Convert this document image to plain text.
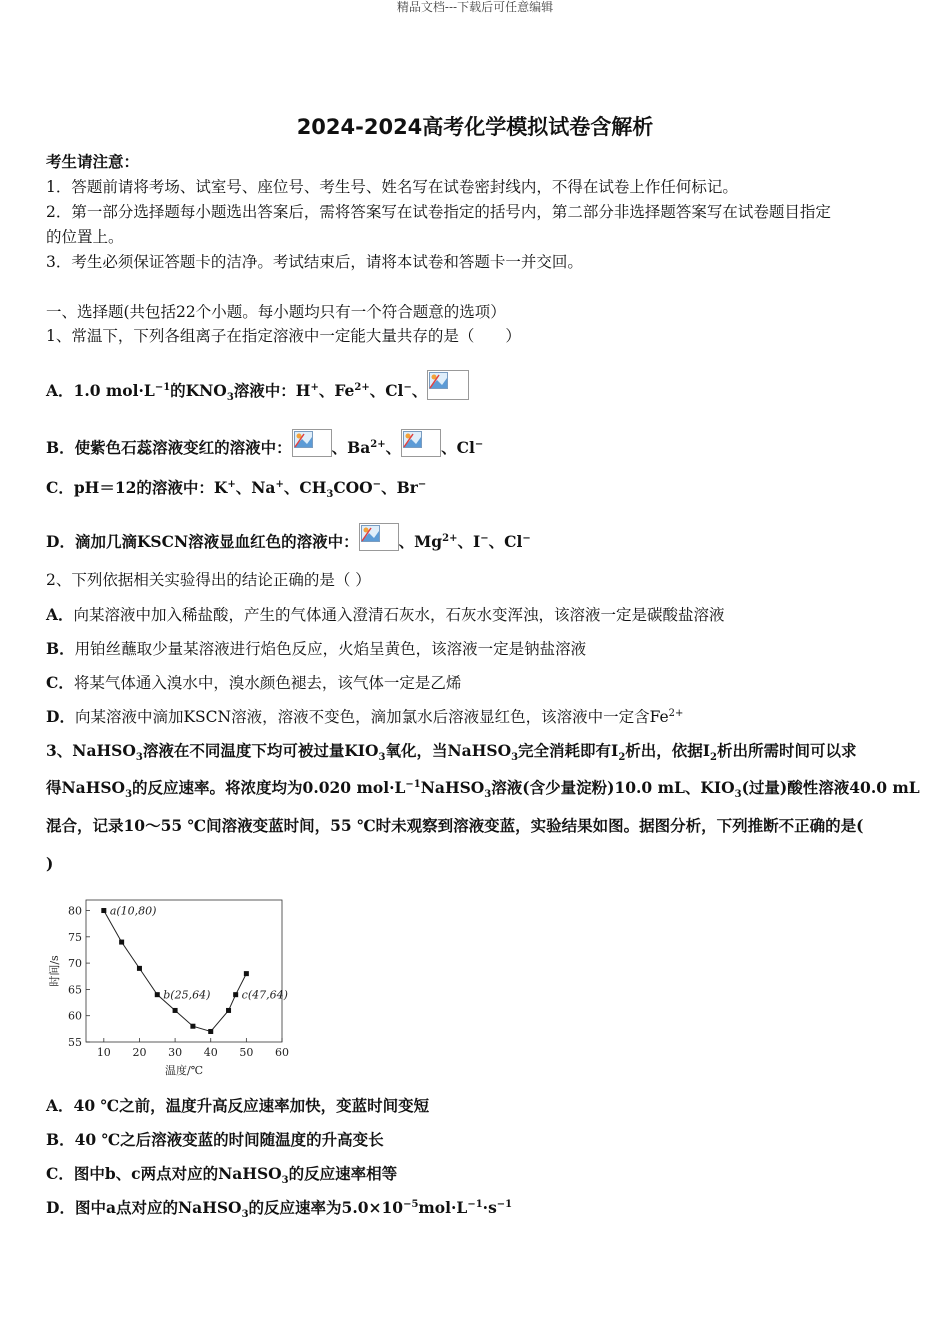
精品文档---下载后可任意编辑
2024-2024高考化学模拟试卷含解析
考生请注意：
1．答题前请将考场、试室号、座位号、考生号、姓名写在试卷密封线内，不得在试卷上作任何标记。
2．第一部分选择题每小题选出答案后，需将答案写在试卷指定的括号内，第二部分非选择题答案写在试卷题目指定
的位置上。
3．考生必须保证答题卡的洁净。考试结束后，请将本试卷和答题卡一并交回。
一、选择题(共包括22个小题。每小题均只有一个符合题意的选项）
1、常温下，下列各组离子在指定溶液中一定能大量共存的是（　　）
A．1.0 $mol\cdot L^{-1}$的$KNO_3$溶液中：H+、$Fe^{2+}$、Cl−、
B．使紫色石蕊溶液变红的溶液中：	、$Ba^{2+}$、	、Cl−
C．pH＝12的溶液中：K+、Na+、$CH_3COO^-$、Br−
D．滴加几滴KSCN溶液显血红色的溶液中：	、$Mg^{2+}$、I−、Cl−
2、下列依据相关实验得出的结论正确的是（ ）
A．向某溶液中加入稀盐酸，产生的气体通入澄清石灰水，石灰水变浑浊，该溶液一定是碳酸盐溶液
B．用铂丝蘸取少量某溶液进行焰色反应，火焰呈黄色，该溶液一定是钠盐溶液
C．将某气体通入溴水中，溴水颜色褪去，该气体一定是乙烯
D．向某溶液中滴加KSCN溶液，溶液不变色，滴加氯水后溶液显红色，该溶液中一定含$Fe^{2+}$
3、NaHSO$_3$溶液在不同温度下均可被过量$KIO_3$氧化，当NaHSO$_3$完全消耗即有$I_2$析出，依据$I_2$析出所需时间可以求
得NaHSO$_3$的反应速率。将浓度均为0.020 $mol\cdot L^{-1}NaHSO_3$溶液(含少量淀粉)10.0 mL、$KIO_3$(过量)酸性溶液40.0 mL
混合，记录10～55 ℃间溶液变蓝时间，55 ℃时未观察到溶液变蓝，实验结果如图。据图分析，下列推断不正确的是(
)
55
60
65
70
75
80
10 20 30 40 50 60
温度/℃
时间/s
a(10,80)
b(25,64)	c(47,64)
A．40 ℃之前，温度升高反应速率加快，变蓝时间变短
B．40 ℃之后溶液变蓝的时间随温度的升高变长
C．图中b、c两点对应的NaHSO$_3$的反应速率相等
D．图中a点对应的NaHSO$_3$的反应速率为$5.0\times 10^{-5}mol\cdot L^{-1}\cdot s^{-1}$
